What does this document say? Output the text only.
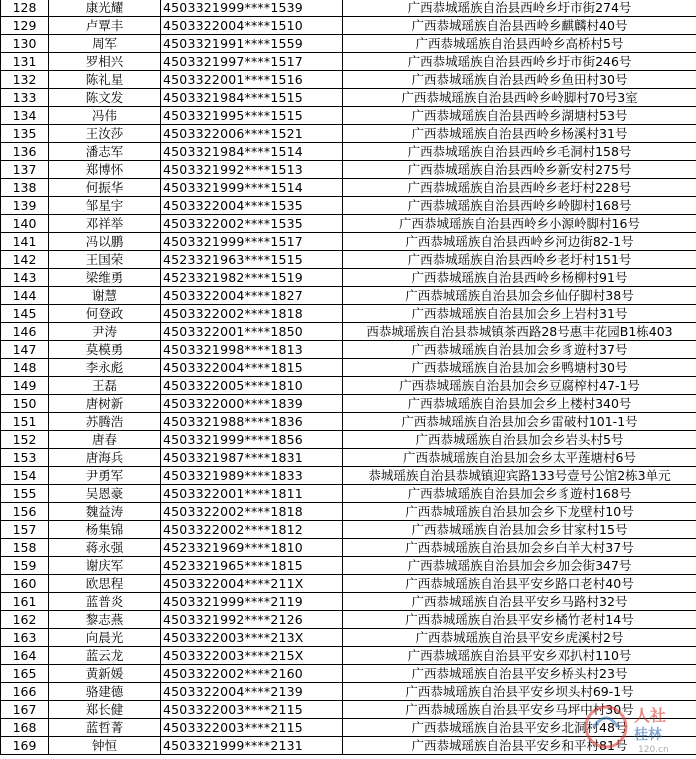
128	康光耀	4503321999****1539	广西恭城瑶族自治县西岭乡圩市街274号
129	卢覃丰	4503322004****1510	广西恭城瑶族自治县西岭乡麒麟村40号
130	周军	4503321991****1559	广西恭城瑶族自治县西岭乡高桥村5号
131	罗相兴	4503321997****1517	广西恭城瑶族自治县西岭乡圩市街246号
132	陈礼星	4503322001****1516	广西恭城瑶族自治县西岭乡鱼田村30号
133	陈文发	4503321984****1515	广西恭城瑶族自治县西岭乡岭脚村70号3室
134	冯伟	4503321995****1515	广西恭城瑶族自治县西岭乡湖塘村53号
135	王汝莎	4503322006****1521	广西恭城瑶族自治县西岭乡杨溪村31号
136	潘志军	4503321984****1514	广西恭城瑶族自治县西岭乡毛洞村158号
137	郑博怀	4503321992****1513	广西恭城瑶族自治县西岭乡新安村275号
138	何振华	4503321999****1514	广西恭城瑶族自治县西岭乡老圩村228号
139	邹星宇	4503322004****1535	广西恭城瑶族自治县西岭乡岭脚村168号
140	邓祥举	4503322002****1535	广西恭城瑶族自治县西岭乡小源岭脚村16号
141	冯以鹏	4503321999****1517	广西恭城瑶族自治县西岭乡河边街82-1号
142	王国荣	4523321963****1515	广西恭城瑶族自治县西岭乡老圩村151号
143	梁维勇	4523321982****1519	广西恭城瑶族自治县西岭乡杨柳村91号
144	谢慧	4503322004****1827	广西恭城瑶族自治县加会乡仙仔脚村38号
145	何登政	4503322002****1818	广西恭城瑶族自治县加会乡上岩村31号
146	尹涛	4503322001****1850	西恭城瑶族自治县恭城镇茶西路28号惠丰花园B1栋403
147	莫模勇	4503321998****1813	广西恭城瑶族自治县加会乡豸遊村37号
148	李永彪	4503322004****1815	广西恭城瑶族自治县加会乡鸭塘村30号
149	王磊	4503322005****1810	广西恭城瑶族自治县加会乡豆腐榨村47-1号
150	唐树新	4503322000****1839	广西恭城瑶族自治县加会乡上楼村340号
151	苏腾浩	4503321988****1836	广西恭城瑶族自治县加会乡雷破村101-1号
152	唐春	4503321999****1856	广西恭城瑶族自治县加会乡岩头村5号
153	唐海兵	4503321987****1831	广西恭城瑶族自治县加会乡太平莲塘村6号
154	尹勇军	4503321989****1833	恭城瑶族自治县恭城镇迎宾路133号壹号公馆2栋3单元
155	吴恩豪	4503322001****1811	广西恭城瑶族自治县加会乡豸遊村168号
156	魏益涛	4503322002****1818	广西恭城瑶族自治县加会乡下龙壁村10号
157	杨集锦	4503322002****1812	广西恭城瑶族自治县加会乡甘家村15号
158	蒋永强	4523321969****1810	广西恭城瑶族自治县加会乡白羊大村37号
159	谢庆军	4523321965****1815	广西恭城瑶族自治县加会乡加会街347号
160	欧思程	4503322004****211X	广西恭城瑶族自治县平安乡路口老村40号
161	蓝普炎	4503321999****2119	广西恭城瑶族自治县平安乡马路村32号
162	黎志燕	4503321992****2126	广西恭城瑶族自治县平安乡橘竹老村14号
163	向晨光	4503322003****213X	广西恭城瑶族自治县平安乡虎溪村2号
164	蓝云龙	4503322003****215X	广西恭城瑶族自治县平安乡邓扒村110号
165	黄新媛	4503322002****2160	广西恭城瑶族自治县平安乡桥头村23号
166	骆建德	4503322004****2139	广西恭城瑶族自治县平安乡坝头村69-1号
167	郑长健	4503322003****2115	广西恭城瑶族自治县平安乡马坪中村30号
168	蓝哲菁	4503322003****2115	广西恭城瑶族自治县平安乡北洞村48号
169	钟恒	4503321999****2131	广西恭城瑶族自治县平安乡和平村81号
人社
桂林
120.cn
